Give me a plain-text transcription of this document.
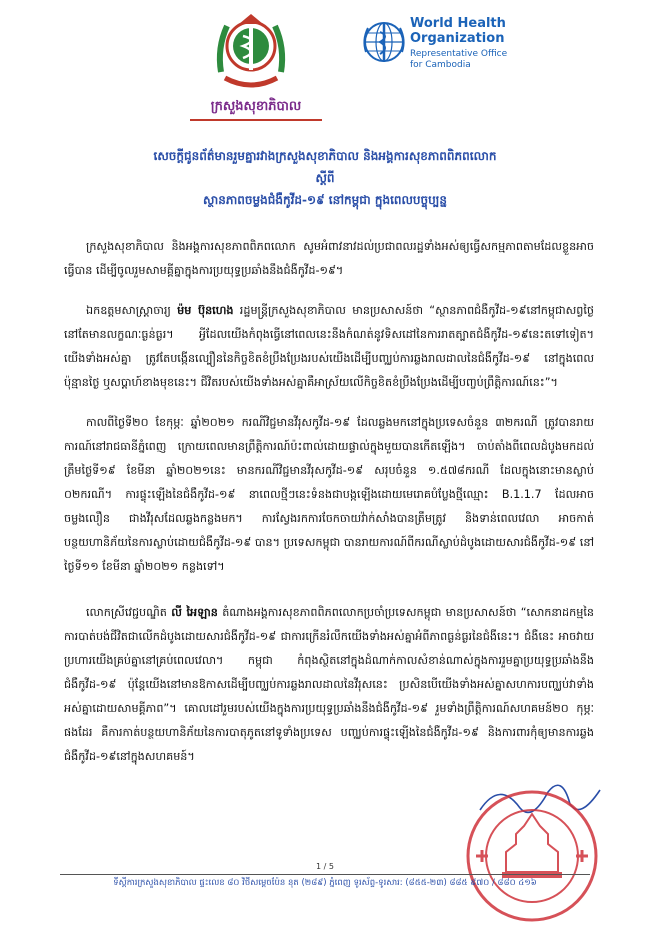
ក្រសួងសុខាភិបាល
World Health
Organization
Representative Office
for Cambodia
សេចក្តីជូនព័ត៌មានរួមគ្នារវាងក្រសួងសុខាភិបាល និងអង្គការសុខភាពពិភពលោក
ស្តីពី
ស្ថានភាពចម្លងជំងឺកូវីដ-១៩ នៅកម្ពុជា ក្នុងពេលបច្ចុប្បន្ន

ក្រសួងសុខាភិបាល និងអង្គការសុខភាពពិភពលោក សូមអំពាវនាវដល់ប្រជាពលរដ្ឋទាំងអស់ឲ្យធ្វើសកម្មភាពតាមដែលខ្លួនអាចធ្វើបាន ដើម្បីចូលរួមសាមគ្គីគ្នាក្នុងការប្រយុទ្ធប្រឆាំងនឹងជំងឺកូវីដ-១៩។

ឯកឧត្តមសាស្ត្រាចារ្យ ម៉ម ប៊ុនហេង រដ្ឋមន្ត្រីក្រសួងសុខាភិបាល មានប្រសាសន៍ថា “ស្ថានភាពជំងឺកូវីដ-១៩នៅកម្ពុជាសព្វថ្ងៃនៅតែមានលក្ខណៈធ្ងន់ធ្ងរ។ អ្វីដែលយើងកំពុងធ្វើនៅពេលនេះនឹងកំណត់នូវទិសដៅនៃការរាតត្បាតជំងឺកូវីដ-១៩នេះតទៅទៀត។ យើងទាំងអស់គ្នា ត្រូវតែបង្កើនល្បឿននៃកិច្ចខិតខំប្រឹងប្រែងរបស់យើងដើម្បីបញ្ឈប់ការឆ្លងរាលដាលនៃជំងឺកូវីដ-១៩ នៅក្នុងពេលប៉ុន្មានថ្ងៃ ឬសប្តាហ៍ខាងមុខនេះ។ ជីវិតរបស់យើងទាំងអស់គ្នាគឺអាស្រ័យលើកិច្ចខិតខំប្រឹងប្រែងដើម្បីបញ្ចប់ព្រឹត្តិការណ៍នេះ”។

កាលពីថ្ងៃទី២០ ខែកុម្ភៈ ឆ្នាំ២០២១ ករណីវិជ្ជមានវីរុសកូវីដ-១៩ ដែលឆ្លងមកនៅក្នុងប្រទេសចំនួន ៣២ករណី ត្រូវបានរាយការណ៍នៅរាជធានីភ្នំពេញ ក្រោយពេលមានព្រឹត្តិការណ៍ប៉ះពាល់ដោយផ្ទាល់ក្នុងមួយបានកើតឡើង។ ចាប់តាំងពីពេលដំបូងមកដល់ត្រឹមថ្ងៃទី១៩ ខែមីនា ឆ្នាំ២០២១នេះ មានករណីវិជ្ជមានវីរុសកូវីដ-១៩ សរុបចំនួន ១.៥៧៨ករណី ដែលក្នុងនោះមានស្លាប់ ០២ករណី។ ការផ្ទុះឡើងនៃជំងឺកូវីដ-១៩ នាពេលថ្មីៗនេះទំនងជាបង្កឡើងដោយមេរោគបំប្លែងថ្មីឈ្មោះ B.1.1.7 ដែលអាចចម្លងលឿន ជាងវីរុសដែលឆ្លងកន្លងមក។ ការស្វែងរកការចែកចាយវ៉ាក់សាំងបានត្រឹមត្រូវ និងទាន់ពេលវេលា អាចកាត់បន្ថយហានិភ័យនៃការស្លាប់ដោយជំងឺកូវីដ-១៩ បាន។ ប្រទេសកម្ពុជា បានរាយការណ៍ពីករណីស្លាប់ដំបូងដោយសារជំងឺកូវីដ-១៩ នៅថ្ងៃទី១១ ខែមីនា ឆ្នាំ២០២១ កន្លងទៅ។

លោកស្រីវេជ្ជបណ្ឌិត លី អៃឡាន តំណាងអង្គការសុខភាពពិភពលោកប្រចាំប្រទេសកម្ពុជា មានប្រសាសន៍ថា “សោកនាដកម្មនៃការបាត់បង់ជីវិតជាលើកដំបូងដោយសារជំងឺកូវីដ-១៩ ជាការក្រើនរំលឹកយើងទាំងអស់គ្នាអំពីភាពធ្ងន់ធ្ងរនៃជំងឺនេះ។ ជំងឺនេះ អាចវាយប្រហារយើងគ្រប់គ្នានៅគ្រប់ពេលវេលា។ កម្ពុជា កំពុងស្ថិតនៅក្នុងដំណាក់កាលសំខាន់ណាស់ក្នុងការរួមគ្នាប្រយុទ្ធប្រឆាំងនឹងជំងឺកូវីដ-១៩ ប៉ុន្តែយើងនៅមានឱកាសដើម្បីបញ្ឈប់ការឆ្លងរាលដាលនៃវីរុសនេះ ប្រសិនបើយើងទាំងអស់គ្នាសហការបញ្ឈប់វាទាំងអស់គ្នាដោយសាមគ្គីភាព”។ គោលដៅរួមរបស់យើងក្នុងការប្រយុទ្ធប្រឆាំងនឹងជំងឺកូវីដ-១៩ រួមទាំងព្រឹត្តិការណ៍សហគមន៍២០ កុម្ភៈផងដែរ គឺការកាត់បន្ថយហានិភ័យនៃការបាតុភូតនៅទូទាំងប្រទេស បញ្ឈប់ការផ្ទុះឡើងនៃជំងឺកូវីដ-១៩ និងការពារកុំឲ្យមានការឆ្លងជំងឺកូវីដ-១៩នៅក្នុងសហគមន៍។

1 / 5
ទីស្តីការក្រសួងសុខាភិបាល ផ្ទះលេខ ៨០ វិថីសម្តេចប៉ែន នុត (២៨៩) ភ្នំពេញ ទូរស័ព្ទ-ទូរសារ: (៨៥៥-២៣) ៨៨៥ ៩៧០ / ៨៨០ ៤១៦
